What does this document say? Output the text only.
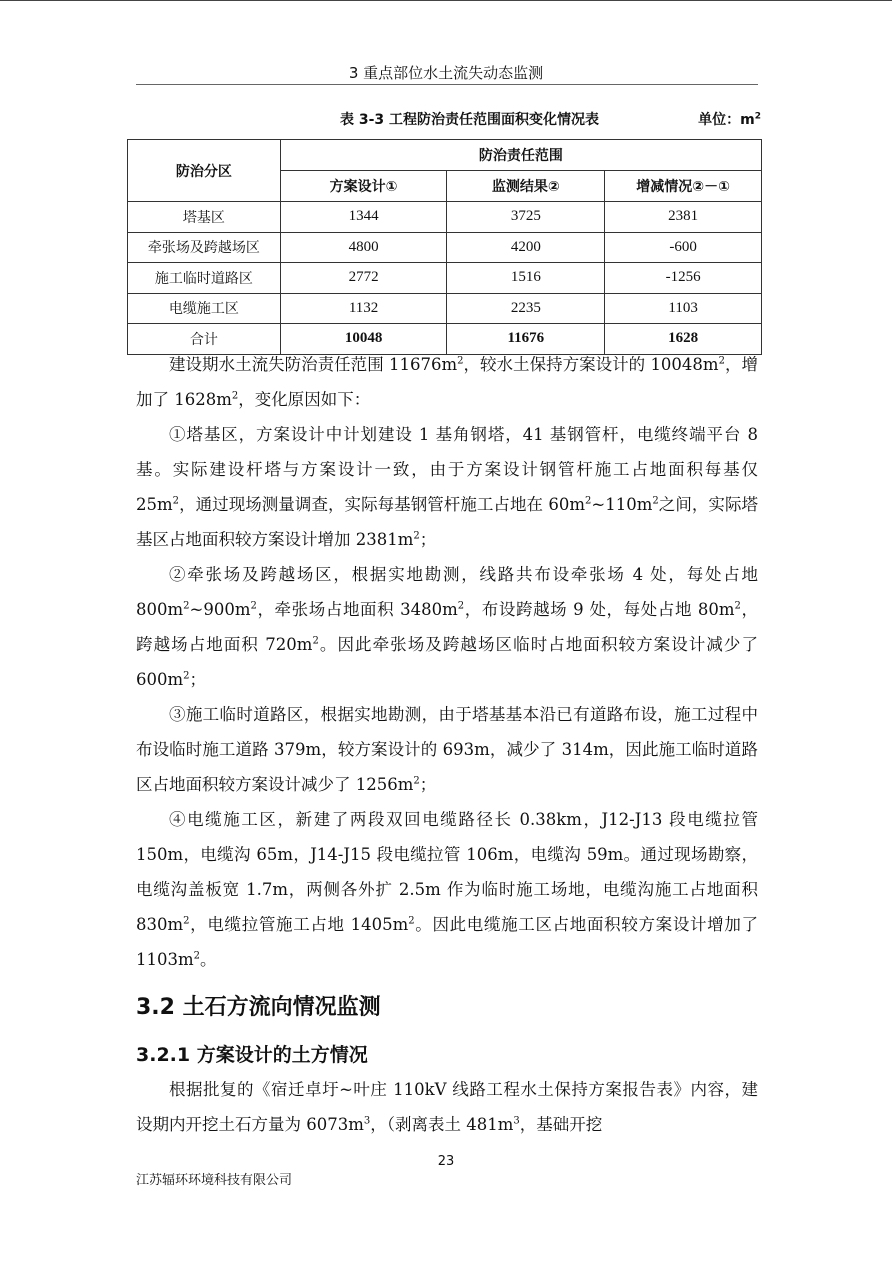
3 重点部位水土流失动态监测
表 3-3 工程防治责任范围面积变化情况表	单位：$m^2$
防治分区	防治责任范围		
	方案设计①	监测结果②	增减情况②－①
塔基区	1344	3725	2381
牵张场及跨越场区	4800	4200	-600
施工临时道路区	2772	1516	-1256
电缆施工区	1132	2235	1103
合计	10048	11676	1628

建设期水土流失防治责任范围 $11676m^2$，较水土保持方案设计的 $10048m^2$，增加了 $1628m^2$，变化原因如下：

①塔基区，方案设计中计划建设 1 基角钢塔，41 基钢管杆，电缆终端平台 8 基。实际建设杆塔与方案设计一致，由于方案设计钢管杆施工占地面积每基仅 $25m^2$，通过现场测量调查，实际每基钢管杆施工占地在 $60m^2\sim 110m^2$之间，实际塔基区占地面积较方案设计增加 $2381m^2$；

②牵张场及跨越场区，根据实地勘测，线路共布设牵张场 4 处，每处占地 $800m^2\sim 900m^2$，牵张场占地面积 $3480m^2$，布设跨越场 9 处，每处占地 $80m^2$，跨越场占地面积 $720m^2$。因此牵张场及跨越场区临时占地面积较方案设计减少了 $600m^2$；

③施工临时道路区，根据实地勘测，由于塔基基本沿已有道路布设，施工过程中布设临时施工道路 379m，较方案设计的 693m，减少了 314m，因此施工临时道路区占地面积较方案设计减少了 $1256m^2$；

④电缆施工区，新建了两段双回电缆路径长 0.38km，J12-J13 段电缆拉管 150m，电缆沟 65m，J14-J15 段电缆拉管 106m，电缆沟 59m。通过现场勘察，电缆沟盖板宽 1.7m，两侧各外扩 2.5m 作为临时施工场地，电缆沟施工占地面积 $830m^2$，电缆拉管施工占地 $1405m^2$。因此电缆施工区占地面积较方案设计增加了 $1103m^2$。

3.2 土石方流向情况监测
3.2.1 方案设计的土方情况

根据批复的《宿迁卓圩~叶庄 110kV 线路工程水土保持方案报告表》内容，建设期内开挖土石方量为 $6073m^3$，（剥离表土 $481m^3$，基础开挖

23
江苏辐环环境科技有限公司
